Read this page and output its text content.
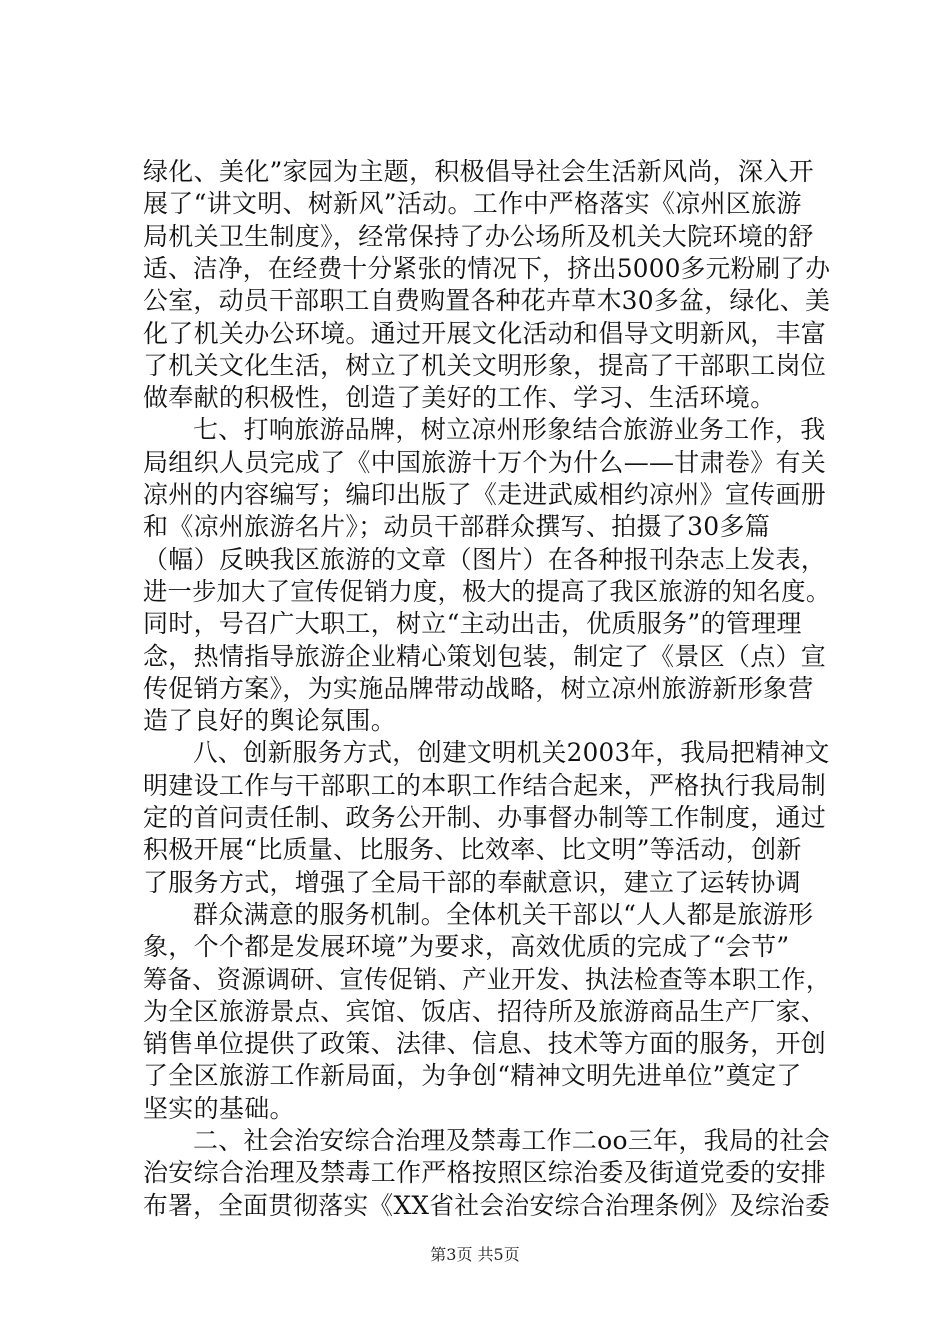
绿化、美化”家园为主题，积极倡导社会生活新风尚，深入开
展了“讲文明、树新风”活动。工作中严格落实《凉州区旅游
局机关卫生制度》，经常保持了办公场所及机关大院环境的舒
适、洁净，在经费十分紧张的情况下，挤出5000多元粉刷了办
公室，动员干部职工自费购置各种花卉草木30多盆，绿化、美
化了机关办公环境。通过开展文化活动和倡导文明新风，丰富
了机关文化生活，树立了机关文明形象，提高了干部职工岗位
做奉献的积极性，创造了美好的工作、学习、生活环境。
七、打响旅游品牌，树立凉州形象结合旅游业务工作，我
局组织人员完成了《中国旅游十万个为什么——甘肃卷》有关
凉州的内容编写；编印出版了《走进武威相约凉州》宣传画册
和《凉州旅游名片》；动员干部群众撰写、拍摄了30多篇
（幅）反映我区旅游的文章（图片）在各种报刊杂志上发表，
进一步加大了宣传促销力度，极大的提高了我区旅游的知名度。
同时，号召广大职工，树立“主动出击，优质服务”的管理理
念，热情指导旅游企业精心策划包装，制定了《景区（点）宣
传促销方案》，为实施品牌带动战略，树立凉州旅游新形象营
造了良好的舆论氛围。
八、创新服务方式，创建文明机关2003年，我局把精神文
明建设工作与干部职工的本职工作结合起来，严格执行我局制
定的首问责任制、政务公开制、办事督办制等工作制度，通过
积极开展“比质量、比服务、比效率、比文明”等活动，创新
了服务方式，增强了全局干部的奉献意识，建立了运转协调
群众满意的服务机制。全体机关干部以“人人都是旅游形
象，个个都是发展环境”为要求，高效优质的完成了“会节”
筹备、资源调研、宣传促销、产业开发、执法检查等本职工作，
为全区旅游景点、宾馆、饭店、招待所及旅游商品生产厂家、
销售单位提供了政策、法律、信息、技术等方面的服务，开创
了全区旅游工作新局面，为争创“精神文明先进单位”奠定了
坚实的基础。
二、社会治安综合治理及禁毒工作二oo三年，我局的社会
治安综合治理及禁毒工作严格按照区综治委及街道党委的安排
布署，全面贯彻落实《XX省社会治安综合治理条例》及综治委
第3页 共5页
